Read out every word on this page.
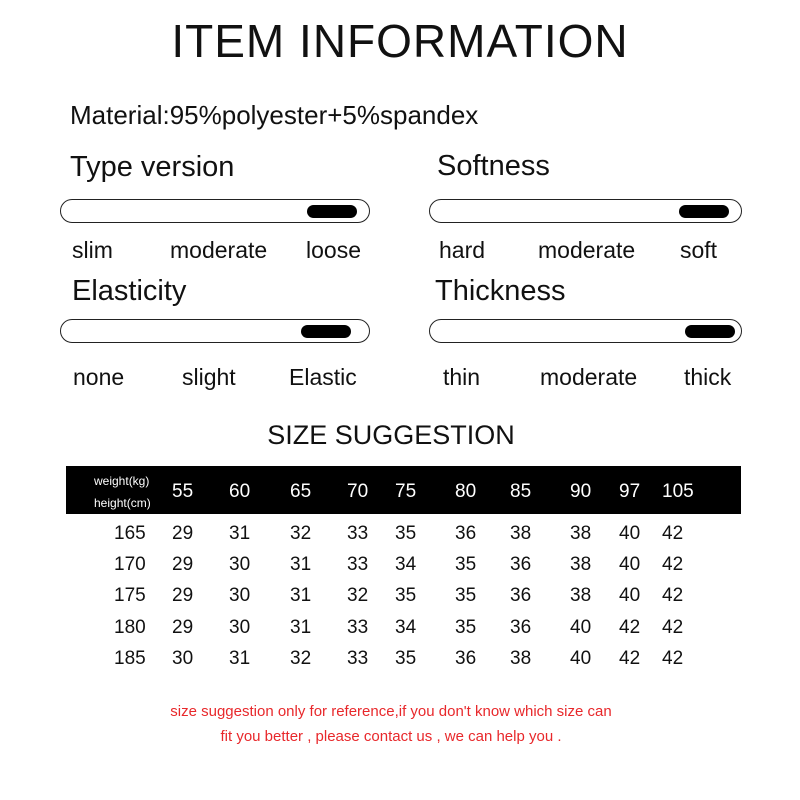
ITEM INFORMATION
Material:95%polyester+5%spandex
Type version
slim moderate loose
Softness
hard moderate soft
Elasticity
none	slight Elastic
Thickness
thin	moderate thick
SIZE SUGGESTION
weight(kg)
height(cm)
55 60 65 70 75 80 85 90 97 105
165 29 31 32 33 35 36 38 38 40 42
170 29 30 31 33 34 35 36 38 40 42
175 29 30 31 32 35 35 36 38 40 42
180 29 30 31 33 34 35 36 40 42 42
185 30 31 32 33 35 36 38 40 42 42
size suggestion only for reference,if you don't know which size can
fit you better , please contact us , we can help you .
